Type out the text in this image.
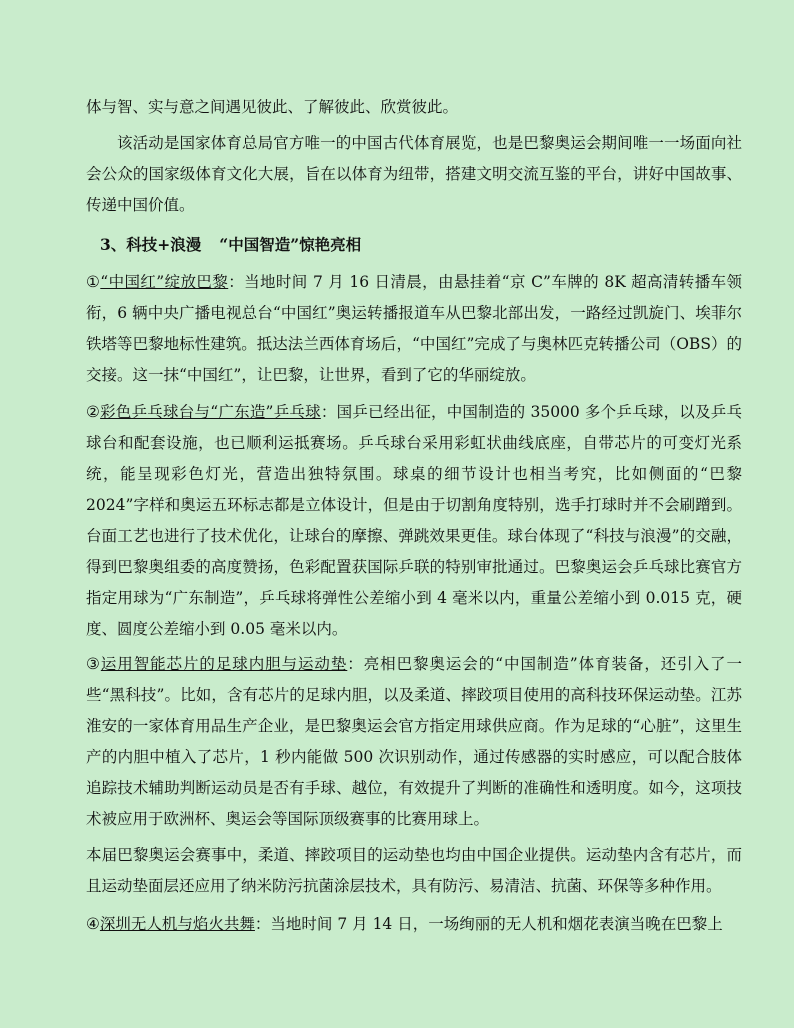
体与智、实与意之间遇见彼此、了解彼此、欣赏彼此。

该活动是国家体育总局官方唯一的中国古代体育展览，也是巴黎奥运会期间唯一一场面向社会公众的国家级体育文化大展，旨在以体育为纽带，搭建文明交流互鉴的平台，讲好中国故事、传递中国价值。

3、科技+浪漫 “中国智造”惊艳亮相

①“中国红”绽放巴黎：当地时间 7 月 16 日清晨，由悬挂着“京 C”车牌的 8K 超高清转播车领衔，6 辆中央广播电视总台“中国红”奥运转播报道车从巴黎北部出发，一路经过凯旋门、埃菲尔铁塔等巴黎地标性建筑。抵达法兰西体育场后，“中国红”完成了与奥林匹克转播公司（OBS）的交接。这一抹“中国红”，让巴黎，让世界，看到了它的华丽绽放。

②彩色乒乓球台与“广东造”乒乓球：国乒已经出征，中国制造的 35000 多个乒乓球，以及乒乓球台和配套设施，也已顺利运抵赛场。乒乓球台采用彩虹状曲线底座，自带芯片的可变灯光系统，能呈现彩色灯光，营造出独特氛围。球桌的细节设计也相当考究，比如侧面的“巴黎 2024”字样和奥运五环标志都是立体设计，但是由于切割角度特别，选手打球时并不会刷蹭到。台面工艺也进行了技术优化，让球台的摩擦、弹跳效果更佳。球台体现了“科技与浪漫”的交融，得到巴黎奥组委的高度赞扬，色彩配置获国际乒联的特别审批通过。巴黎奥运会乒乓球比赛官方指定用球为“广东制造”，乒乓球将弹性公差缩小到 4 毫米以内，重量公差缩小到 0.015 克，硬度、圆度公差缩小到 0.05 毫米以内。

③运用智能芯片的足球内胆与运动垫：亮相巴黎奥运会的“中国制造”体育装备，还引入了一些“黑科技”。比如，含有芯片的足球内胆，以及柔道、摔跤项目使用的高科技环保运动垫。江苏淮安的一家体育用品生产企业，是巴黎奥运会官方指定用球供应商。作为足球的“心脏”，这里生产的内胆中植入了芯片，1 秒内能做 500 次识别动作，通过传感器的实时感应，可以配合肢体追踪技术辅助判断运动员是否有手球、越位，有效提升了判断的准确性和透明度。如今，这项技术被应用于欧洲杯、奥运会等国际顶级赛事的比赛用球上。

本届巴黎奥运会赛事中，柔道、摔跤项目的运动垫也均由中国企业提供。运动垫内含有芯片，而且运动垫面层还应用了纳米防污抗菌涂层技术，具有防污、易清洁、抗菌、环保等多种作用。

④深圳无人机与焰火共舞：当地时间 7 月 14 日，一场绚丽的无人机和烟花表演当晚在巴黎上
